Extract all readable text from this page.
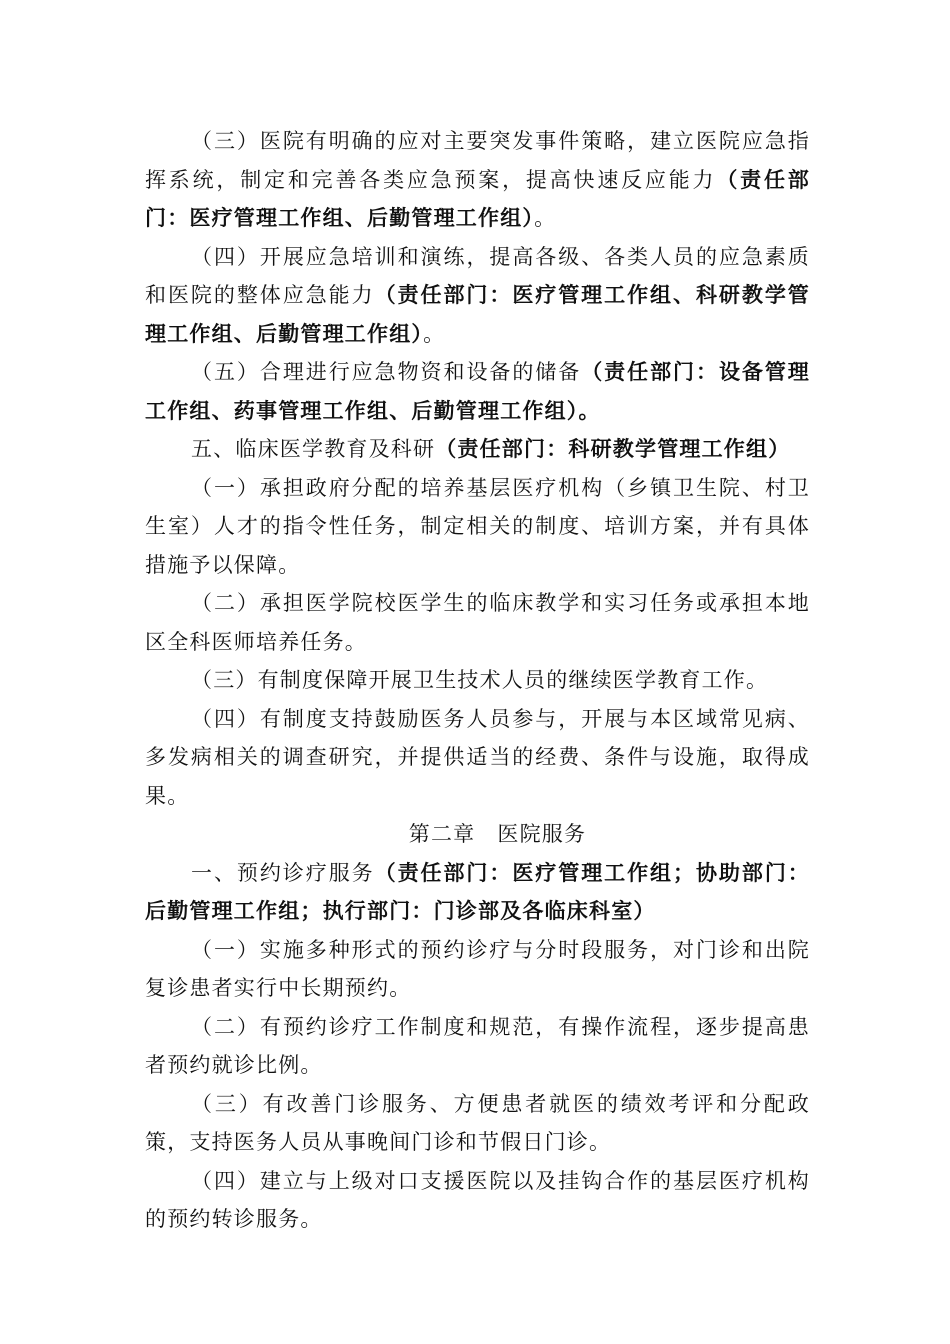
（三）医院有明确的应对主要突发事件策略，建立医院应急指挥系统，制定和完善各类应急预案，提高快速反应能力（责任部门：医疗管理工作组、后勤管理工作组）。

（四）开展应急培训和演练，提高各级、各类人员的应急素质和医院的整体应急能力（责任部门：医疗管理工作组、科研教学管理工作组、后勤管理工作组）。

（五）合理进行应急物资和设备的储备（责任部门：设备管理工作组、药事管理工作组、后勤管理工作组）。

五、临床医学教育及科研（责任部门：科研教学管理工作组）

（一）承担政府分配的培养基层医疗机构（乡镇卫生院、村卫生室）人才的指令性任务，制定相关的制度、培训方案，并有具体措施予以保障。

（二）承担医学院校医学生的临床教学和实习任务或承担本地区全科医师培养任务。

（三）有制度保障开展卫生技术人员的继续医学教育工作。

（四）有制度支持鼓励医务人员参与，开展与本区域常见病、多发病相关的调查研究，并提供适当的经费、条件与设施，取得成果。

第二章 医院服务

一、预约诊疗服务（责任部门：医疗管理工作组；协助部门：后勤管理工作组；执行部门：门诊部及各临床科室）

（一）实施多种形式的预约诊疗与分时段服务，对门诊和出院复诊患者实行中长期预约。

（二）有预约诊疗工作制度和规范，有操作流程，逐步提高患者预约就诊比例。

（三）有改善门诊服务、方便患者就医的绩效考评和分配政策，支持医务人员从事晚间门诊和节假日门诊。

（四）建立与上级对口支援医院以及挂钩合作的基层医疗机构的预约转诊服务。
